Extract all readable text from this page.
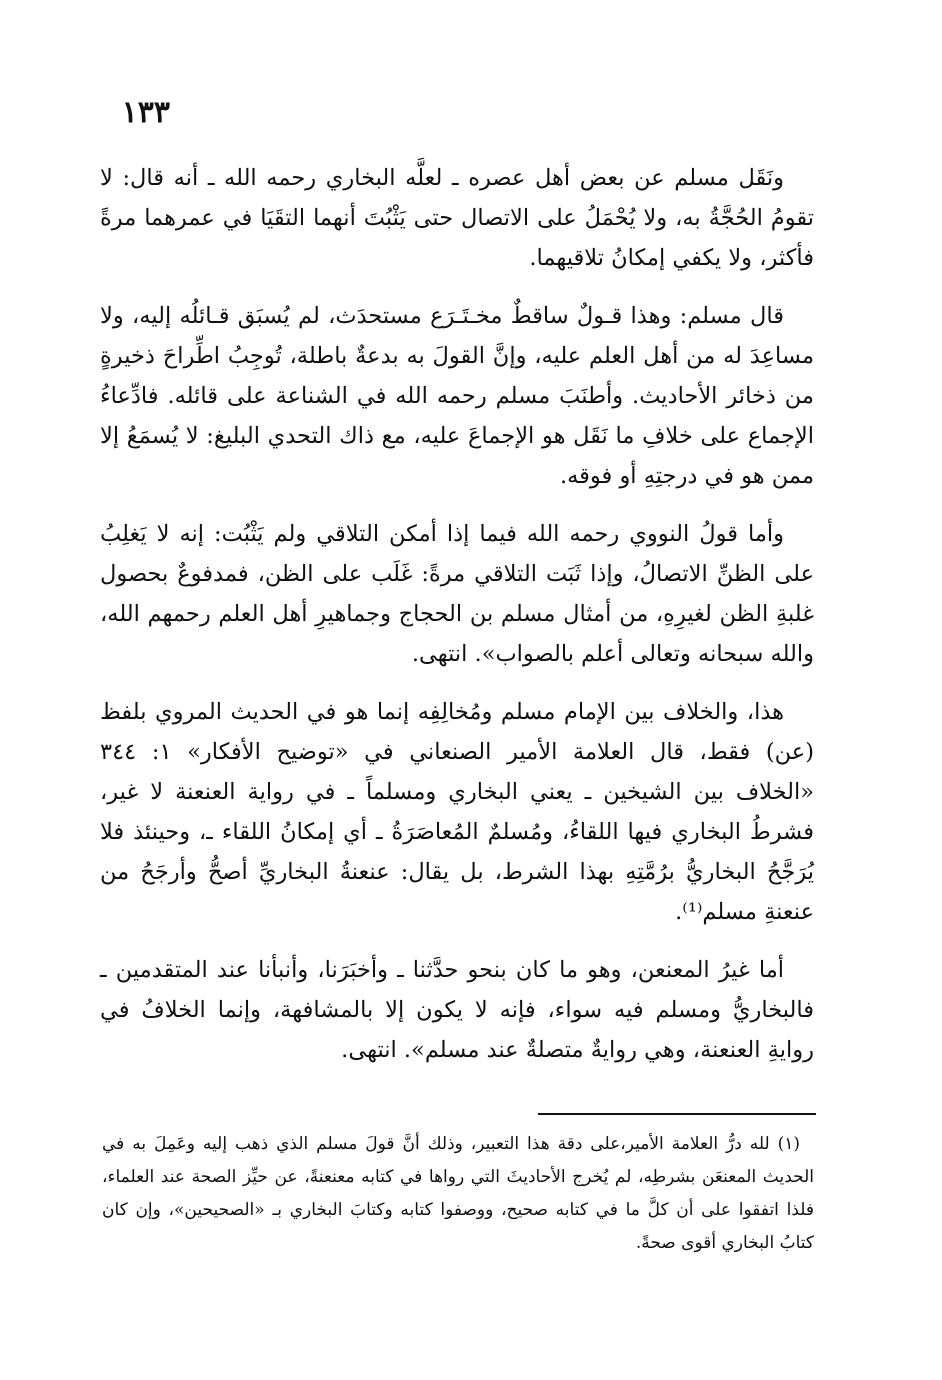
١٣٣

ونَقَل مسلم عن بعض أهل عصره ـ لعلَّه البخاري رحمه الله ـ أنه قال: لا تقومُ الحُجَّةُ به، ولا يُحْمَلُ على الاتصال حتى يَثْبُتَ أنهما التقَيَا في عمرهما مرةً فأكثر، ولا يكفي إمكانُ تلاقيهما.

قال مسلم: وهذا قـولٌ ساقطٌ مخـتَـرَع مستحدَث، لم يُسبَق قـائلُه إليه، ولا مساعِدَ له من أهل العلم عليه، وإنَّ القولَ به بدعةٌ باطلة، تُوجِبُ اطِّراحَ ذخيرةٍ من ذخائر الأحاديث. وأطنَبَ مسلم رحمه الله في الشناعة على قائله. فادِّعاءُ الإجماع على خلافِ ما نَقَل هو الإجماعَ عليه، مع ذاك التحدي البليغ: لا يُسمَعُ إلا ممن هو في درجتِهِ أو فوقه.

وأما قولُ النووي رحمه الله فيما إذا أمكن التلاقي ولم يَثْبُت: إنه لا يَغلِبُ على الظنِّ الاتصالُ، وإذا ثَبَت التلاقي مرةً: غَلَب على الظن، فمدفوعٌ بحصول غلبةِ الظن لغيرِهِ، من أمثال مسلم بن الحجاج وجماهيرِ أهل العلم رحمهم الله، والله سبحانه وتعالى أعلم بالصواب». انتهى.

هذا، والخلاف بين الإمام مسلم ومُخالِفِه إنما هو في الحديث المروي بلفظ (عن) فقط، قال العلامة الأمير الصنعاني في «توضيح الأفكار» ١: ٣٤٤ «الخلاف بين الشيخين ـ يعني البخاري ومسلماً ـ في رواية العنعنة لا غير، فشرطُ البخاري فيها اللقاءُ، ومُسلمٌ المُعاصَرَةُ ـ أي إمكانُ اللقاء ـ، وحينئذ فلا يُرَجَّحُ البخاريُّ برُمَّتِهِ بهذا الشرط، بل يقال: عنعنةُ البخاريِّ أصحُّ وأرجَحُ من عنعنةِ مسلم⁽¹⁾.

أما غيرُ المعنعن، وهو ما كان بنحو حدَّثنا ـ وأخبَرَنا، وأنبأنا عند المتقدمين ـ فالبخاريُّ ومسلم فيه سواء، فإنه لا يكون إلا بالمشافهة، وإنما الخلافُ في روايةِ العنعنة، وهي روايةٌ متصلةٌ عند مسلم». انتهى.

(١) لله درُّ العلامة الأمير،على دقة هذا التعبير، وذلك أنَّ قولَ مسلم الذي ذهب إليه وعَمِلَ به في الحديث المعنعَن بشرطِه، لم يُخرج الأحاديثَ التي رواها في كتابه معنعنةً، عن حيِّز الصحة عند العلماء، فلذا اتفقوا على أن كلَّ ما في كتابه صحيح، ووصفوا كتابه وكتابَ البخاري بـ «الصحيحين»، وإن كان كتابُ البخاري أقوى صحةً.
